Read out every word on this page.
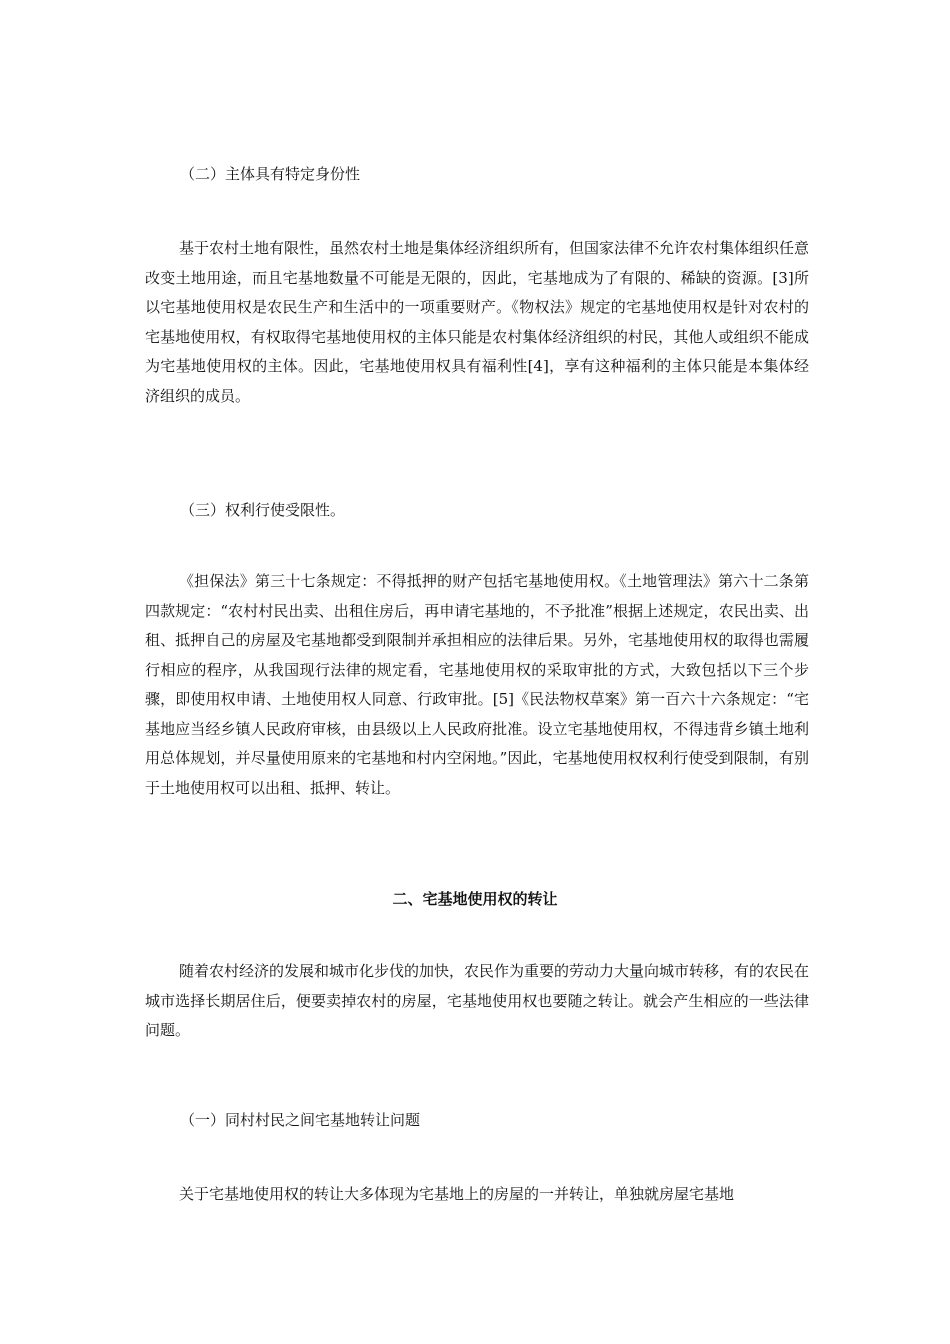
（二）主体具有特定身份性

基于农村土地有限性，虽然农村土地是集体经济组织所有，但国家法律不允许农村集体组织任意改变土地用途，而且宅基地数量不可能是无限的，因此，宅基地成为了有限的、稀缺的资源。[3]所以宅基地使用权是农民生产和生活中的一项重要财产。《物权法》规定的宅基地使用权是针对农村的宅基地使用权，有权取得宅基地使用权的主体只能是农村集体经济组织的村民，其他人或组织不能成为宅基地使用权的主体。因此，宅基地使用权具有福利性[4]，享有这种福利的主体只能是本集体经济组织的成员。

（三）权利行使受限性。

《担保法》第三十七条规定：不得抵押的财产包括宅基地使用权。《土地管理法》第六十二条第四款规定：“农村村民出卖、出租住房后，再申请宅基地的，不予批准”根据上述规定，农民出卖、出租、抵押自己的房屋及宅基地都受到限制并承担相应的法律后果。另外，宅基地使用权的取得也需履行相应的程序，从我国现行法律的规定看，宅基地使用权的采取审批的方式，大致包括以下三个步骤，即使用权申请、土地使用权人同意、行政审批。[5]《民法物权草案》第一百六十六条规定：“宅基地应当经乡镇人民政府审核，由县级以上人民政府批准。设立宅基地使用权，不得违背乡镇土地利用总体规划，并尽量使用原来的宅基地和村内空闲地。”因此，宅基地使用权权利行使受到限制，有别于土地使用权可以出租、抵押、转让。

二、宅基地使用权的转让

随着农村经济的发展和城市化步伐的加快，农民作为重要的劳动力大量向城市转移，有的农民在城市选择长期居住后，便要卖掉农村的房屋，宅基地使用权也要随之转让。就会产生相应的一些法律问题。

（一）同村村民之间宅基地转让问题

关于宅基地使用权的转让大多体现为宅基地上的房屋的一并转让，单独就房屋宅基地
